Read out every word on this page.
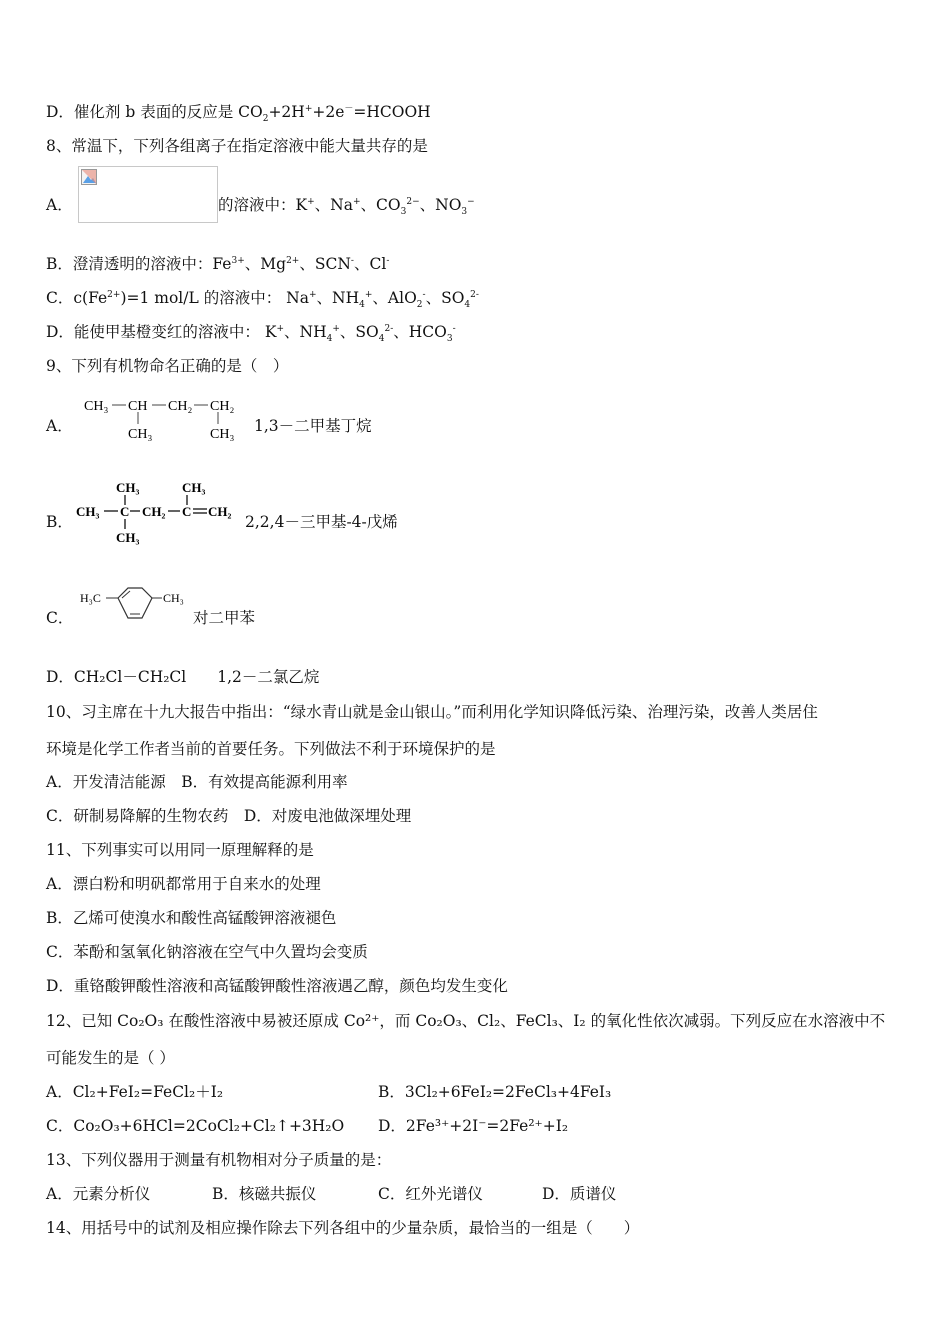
D．催化剂 b 表面的反应是 $CO_2+2H^++2e^-=HCOOH$
8、常温下，下列各组离子在指定溶液中能大量共存的是
A．	的溶液中：K+、Na+、$CO_3^{2-}$、$NO_3^-$
B．澄清透明的溶液中：$Fe^{3+}$、$Mg^{2+}$、SCN-、Cl-
C．$c(Fe^{2+})=1$ mol/L 的溶液中： Na+、$NH_4^+$、AlO$_2$-、$SO_4^{2-}$
D．能使甲基橙变红的溶液中： K+、$NH_4^+$、$SO_4^{2-}$、$HCO_3^-$
9、下列有机物命名正确的是（　）
A．
CH₃ CH CH₂ CH₂
CH₃	CH₃ 1,3－二甲基丁烷
B．
CH₃
CH₃ C CH₂ C CH₂
CH₃
CH₃
2,2,4－三甲基-4-戊烯
C．
H₃C	CH₃
对二甲苯
D．CH₂Cl－CH₂Cl　　1,2－二氯乙烷
10、习主席在十九大报告中指出：“绿水青山就是金山银山。”而利用化学知识降低污染、治理污染，改善人类居住
环境是化学工作者当前的首要任务。下列做法不利于环境保护的是
A．开发清洁能源　B．有效提高能源利用率
C．研制易降解的生物农药　D．对废电池做深埋处理
11、下列事实可以用同一原理解释的是
A．漂白粉和明矾都常用于自来水的处理
B．乙烯可使溴水和酸性高锰酸钾溶液褪色
C．苯酚和氢氧化钠溶液在空气中久置均会变质
D．重铬酸钾酸性溶液和高锰酸钾酸性溶液遇乙醇，颜色均发生变化
12、已知 Co₂O₃ 在酸性溶液中易被还原成 Co²⁺，而 Co₂O₃、Cl₂、FeCl₃、I₂ 的氧化性依次减弱。下列反应在水溶液中不
可能发生的是（ ）
A．Cl₂+FeI₂=FeCl₂＋I₂	B．3Cl₂+6FeI₂=2FeCl₃+4FeI₃
C．Co₂O₃+6HCl=2CoCl₂+Cl₂↑+3H₂O D．2Fe³⁺+2I⁻=2Fe²⁺+I₂
13、下列仪器用于测量有机物相对分子质量的是：
A．元素分析仪	B．核磁共振仪	C．红外光谱仪	D．质谱仪
14、用括号中的试剂及相应操作除去下列各组中的少量杂质，最恰当的一组是（　　）
